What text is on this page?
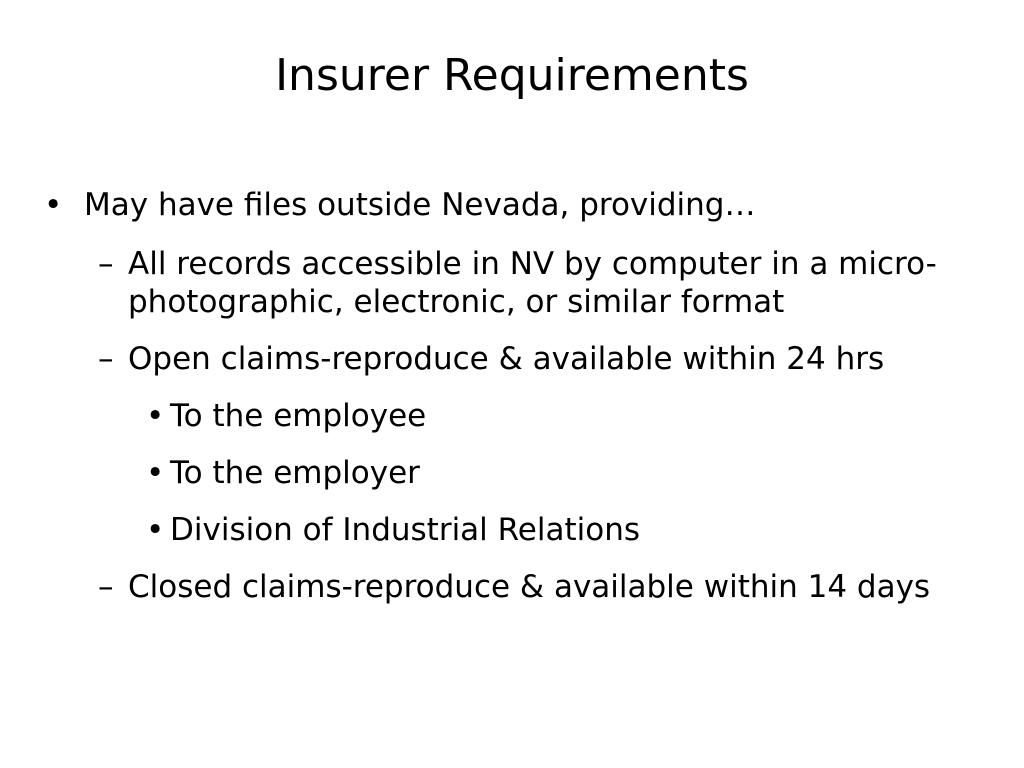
Insurer Requirements
• May have files outside Nevada, providing…
– All records accessible in NV by computer in a micro-photographic, electronic, or similar format
– Open claims-reproduce & available within 24 hrs
• To the employee
• To the employer
• Division of Industrial Relations
– Closed claims-reproduce & available within 14 days
